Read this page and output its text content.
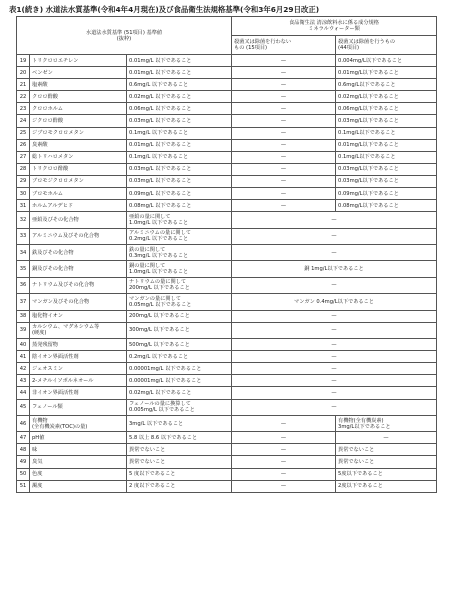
表1(続き) 水道法水質基準(令和4年4月現在)及び食品衛生法規格基準(令和3年6月29日改正)
水道法水質基準 (51項目) 基準値
(抜粋)			食品衛生法 清涼飲料水に係る成分規格
ミネラルウォーター類	
			殺菌又は除菌を行わない
もの (15項目)	殺菌又は除菌を行うもの
(44項目)
19	トリクロロエチレン	0.01mg/L 以下であること	—	0.004mg/L以下であること
20	ベンゼン	0.01mg/L 以下であること	—	0.01mg/L以下であること
21	塩素酸	0.6mg/L 以下であること	—	0.6mg/L以下であること
22	クロロ酢酸	0.02mg/L 以下であること	—	0.02mg/L以下であること
23	クロロホルム	0.06mg/L 以下であること	—	0.06mg/L以下であること
24	ジクロロ酢酸	0.03mg/L 以下であること	—	0.03mg/L以下であること
25	ジブロモクロロメタン	0.1mg/L 以下であること	—	0.1mg/L以下であること
26	臭素酸	0.01mg/L 以下であること	—	0.01mg/L以下であること
27	総トリハロメタン	0.1mg/L 以下であること	—	0.1mg/L以下であること
28	トリクロロ酢酸	0.03mg/L 以下であること	—	0.03mg/L以下であること
29	ブロモジクロロメタン	0.03mg/L 以下であること	—	0.03mg/L以下であること
30	ブロモホルム	0.09mg/L 以下であること	—	0.09mg/L以下であること
31	ホルムアルデヒド	0.08mg/L 以下であること	—	0.08mg/L以下であること
32	亜鉛及びその化合物	亜鉛の量に関して
1.0mg/L 以下であること	—	
33	アルミニウム及びその化合物	アルミニウムの量に関して
0.2mg/L 以下であること	—	
34	鉄及びその化合物	鉄の量に関して
0.3mg/L 以下であること	—	
35	銅及びその化合物	銅の量に関して
1.0mg/L 以下であること	銅 1mg/L以下であること	
36	ナトリウム及びその化合物	ナトリウムの量に関して
200mg/L 以下であること	—	
37	マンガン及びその化合物	マンガンの量に関して
0.05mg/L 以下であること	マンガン 0.4mg/L以下であること	
38	塩化物イオン	200mg/L 以下であること	—	
39	カルシウム、マグネシウム等
(硬度)	300mg/L 以下であること	—	
40	蒸発残留物	500mg/L 以下であること	—	
41	陰イオン界面活性剤	0.2mg/L 以下であること	—	
42	ジェオスミン	0.00001mg/L 以下であること	—	
43	2-メチルイソボルネオール	0.00001mg/L 以下であること	—	
44	非イオン界面活性剤	0.02mg/L 以下であること	—	
45	フェノール類	フェノールの量に換算して
0.005mg/L 以下であること	—	
46	有機物
(全有機炭素(TOC)の量)	3mg/L 以下であること	—	有機物(全有機炭素)
3mg/L以下であること
47	pH値	5.8 以上 8.6 以下であること	—	—
48	味	異常でないこと	—	異常でないこと
49	臭気	異常でないこと	—	異常でないこと
50	色度	5 度以下であること	—	5度以下であること
51	濁度	2 度以下であること	—	2度以下であること
